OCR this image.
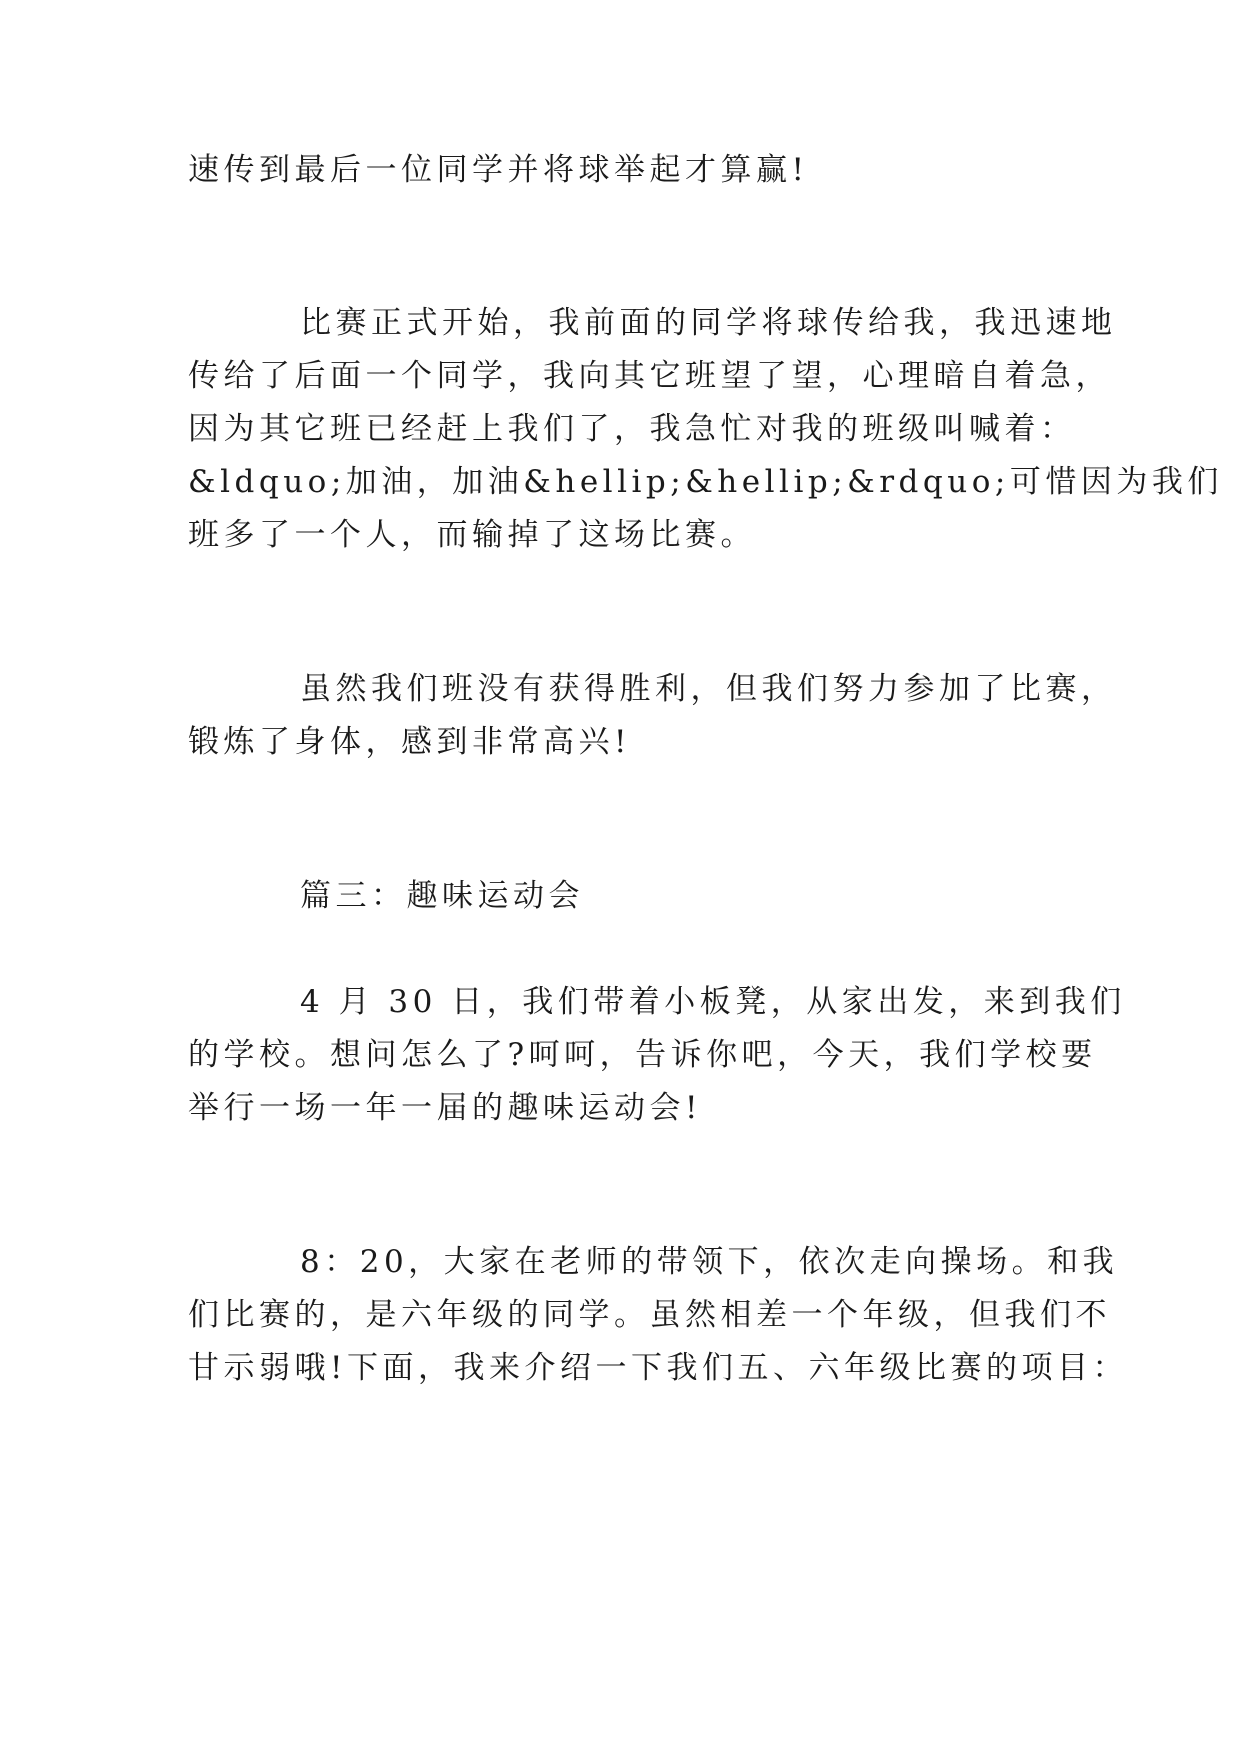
速传到最后一位同学并将球举起才算赢!
比赛正式开始，我前面的同学将球传给我，我迅速地
传给了后面一个同学，我向其它班望了望，心理暗自着急，
因为其它班已经赶上我们了，我急忙对我的班级叫喊着：
&ldquo;加油，加油&hellip;&hellip;&rdquo;可惜因为我们
班多了一个人，而输掉了这场比赛。
虽然我们班没有获得胜利，但我们努力参加了比赛，
锻炼了身体，感到非常高兴!
篇三：趣味运动会
4 月 30 日，我们带着小板凳，从家出发，来到我们
的学校。想问怎么了?呵呵，告诉你吧，今天，我们学校要
举行一场一年一届的趣味运动会!
8：20，大家在老师的带领下，依次走向操场。和我
们比赛的，是六年级的同学。虽然相差一个年级，但我们不
甘示弱哦!下面，我来介绍一下我们五、六年级比赛的项目：
